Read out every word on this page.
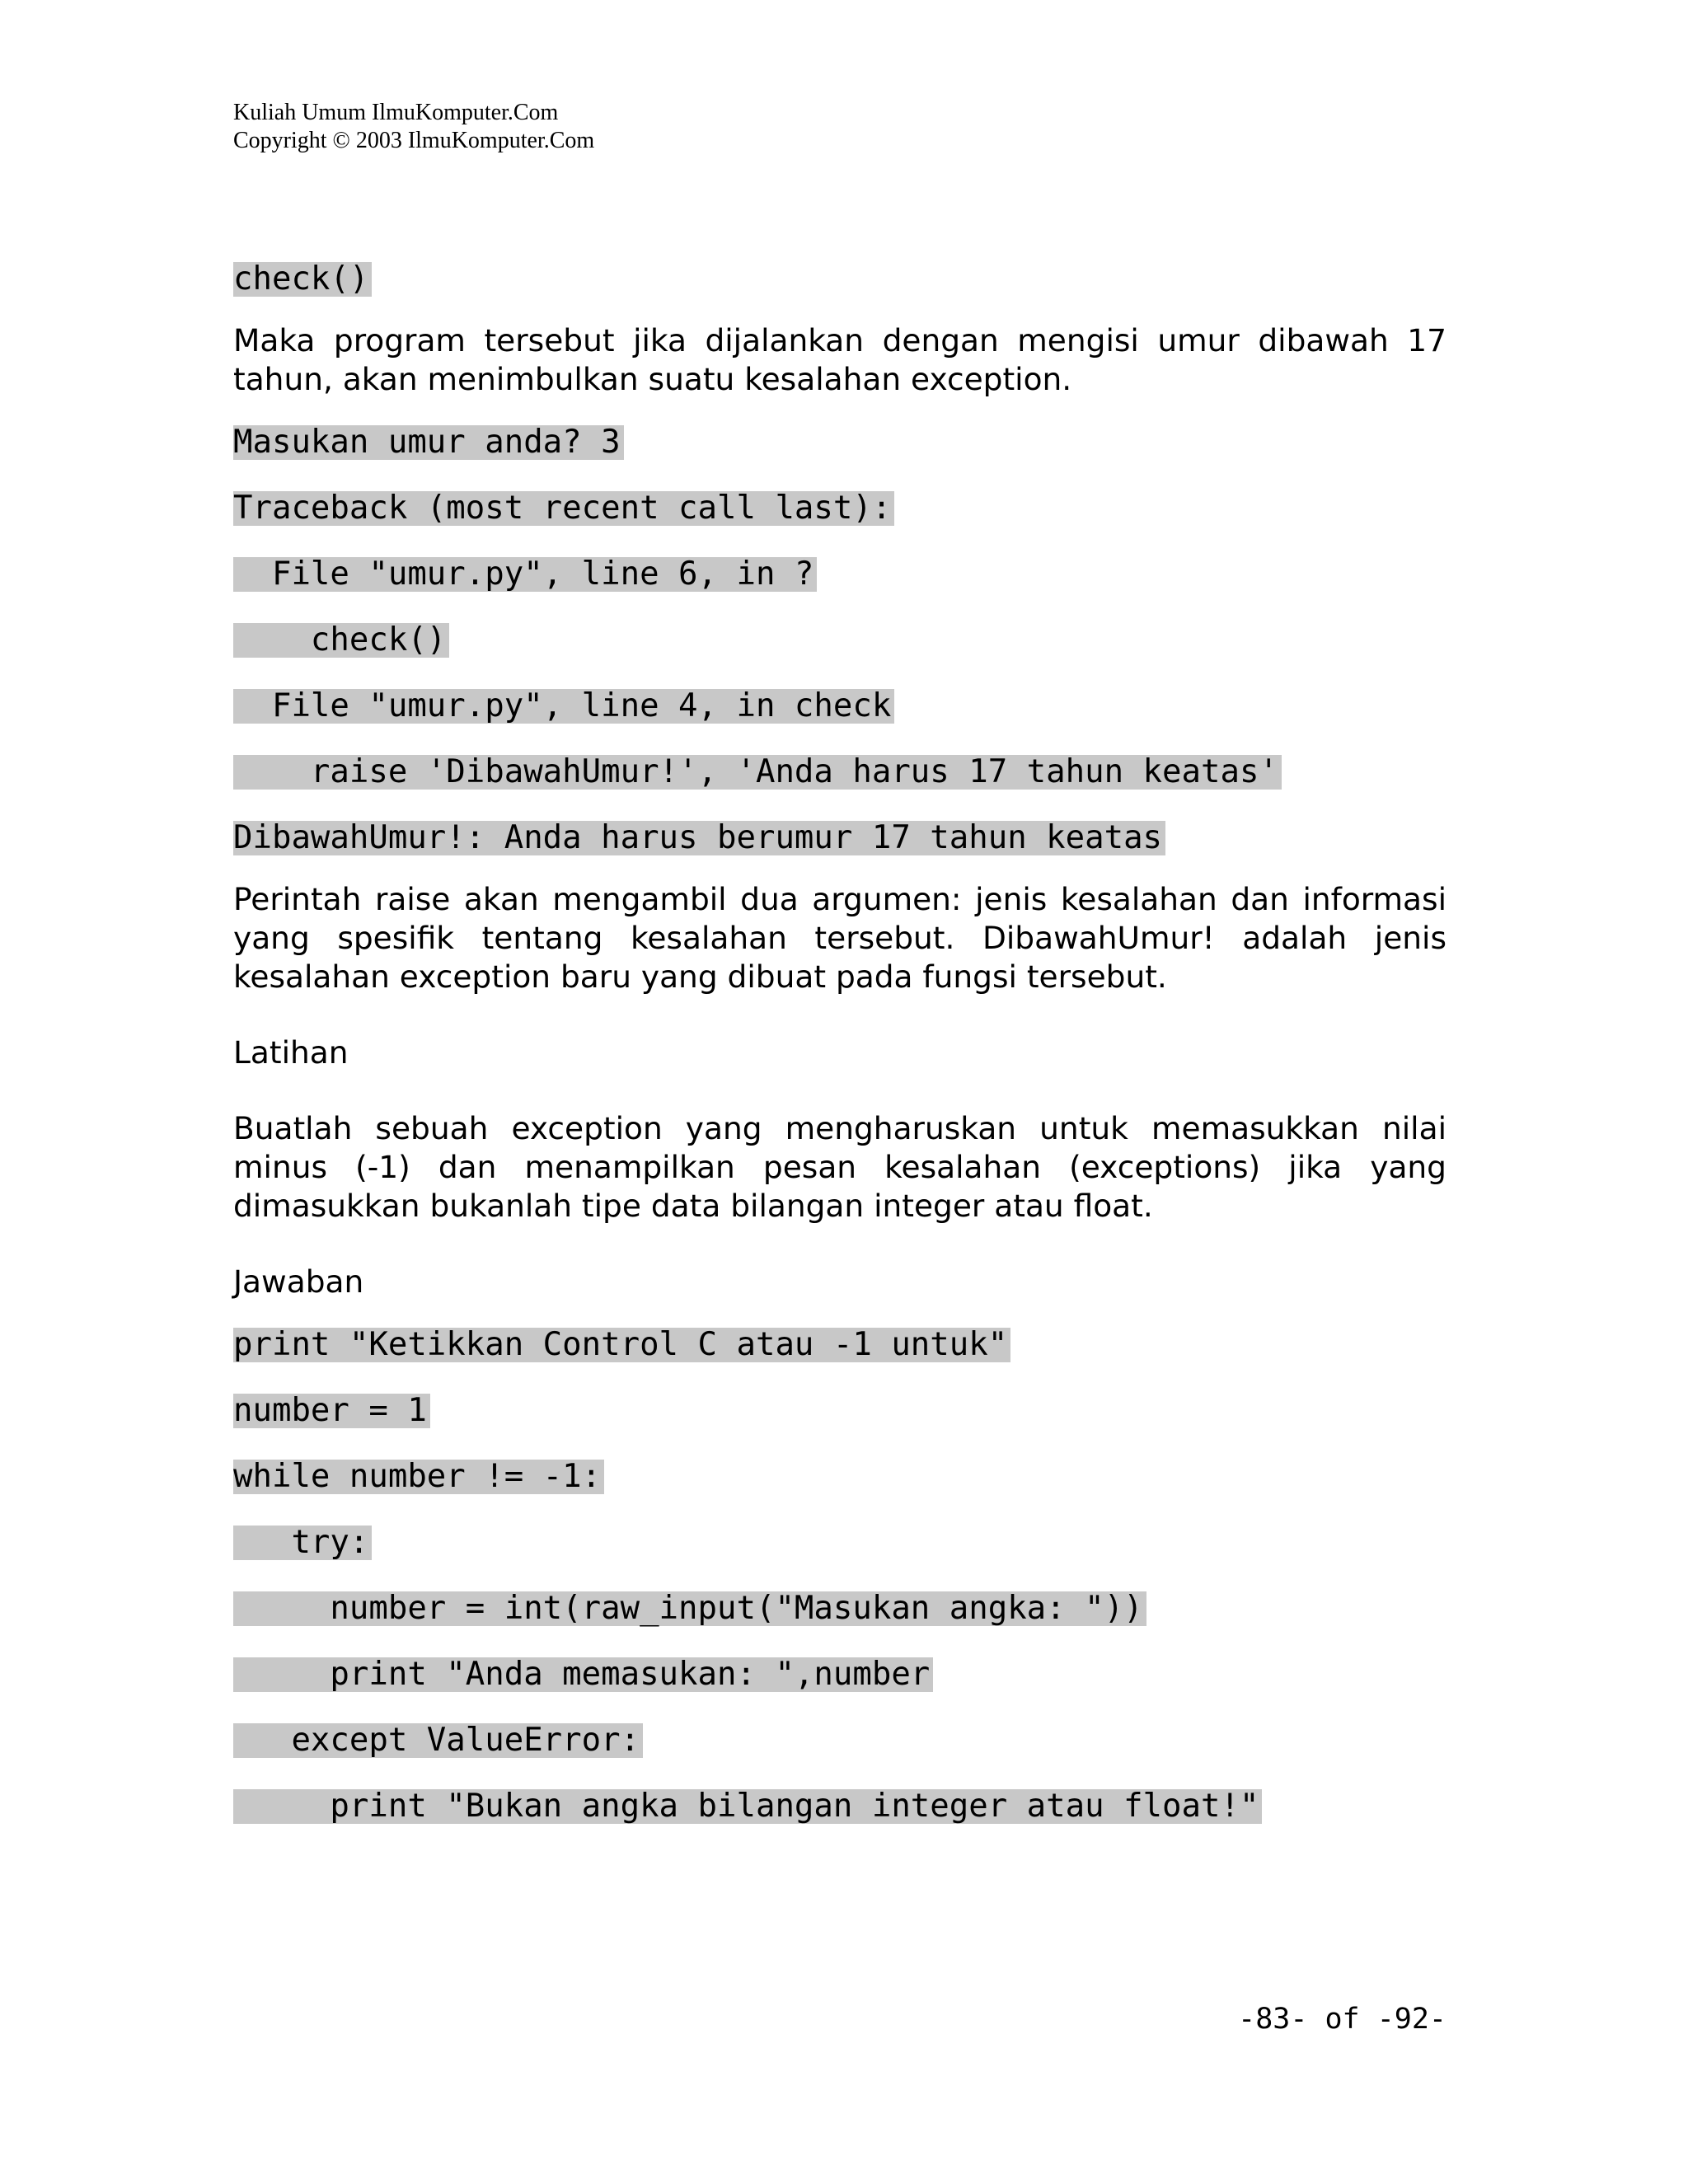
Kuliah Umum IlmuKomputer.Com
Copyright © 2003 IlmuKomputer.Com
check()

Maka program tersebut jika dijalankan dengan mengisi umur dibawah 17 tahun, akan menimbulkan suatu kesalahan exception.

Masukan umur anda? 3
Traceback (most recent call last):
File "umur.py", line 6, in ?
check()
File "umur.py", line 4, in check
raise 'DibawahUmur!', 'Anda harus 17 tahun keatas'
DibawahUmur!: Anda harus berumur 17 tahun keatas

Perintah raise akan mengambil dua argumen: jenis kesalahan dan informasi yang spesifik tentang kesalahan tersebut. DibawahUmur! adalah jenis kesalahan exception baru yang dibuat pada fungsi tersebut.

Latihan

Buatlah sebuah exception yang mengharuskan untuk memasukkan nilai minus (-1) dan menampilkan pesan kesalahan (exceptions) jika yang dimasukkan bukanlah tipe data bilangan integer atau float.

Jawaban

print "Ketikkan Control C atau -1 untuk"
number = 1
while number != -1:
try:
number = int(raw_input("Masukan angka: "))
print "Anda memasukan: ",number
except ValueError:
print "Bukan angka bilangan integer atau float!"
-83- of -92-
